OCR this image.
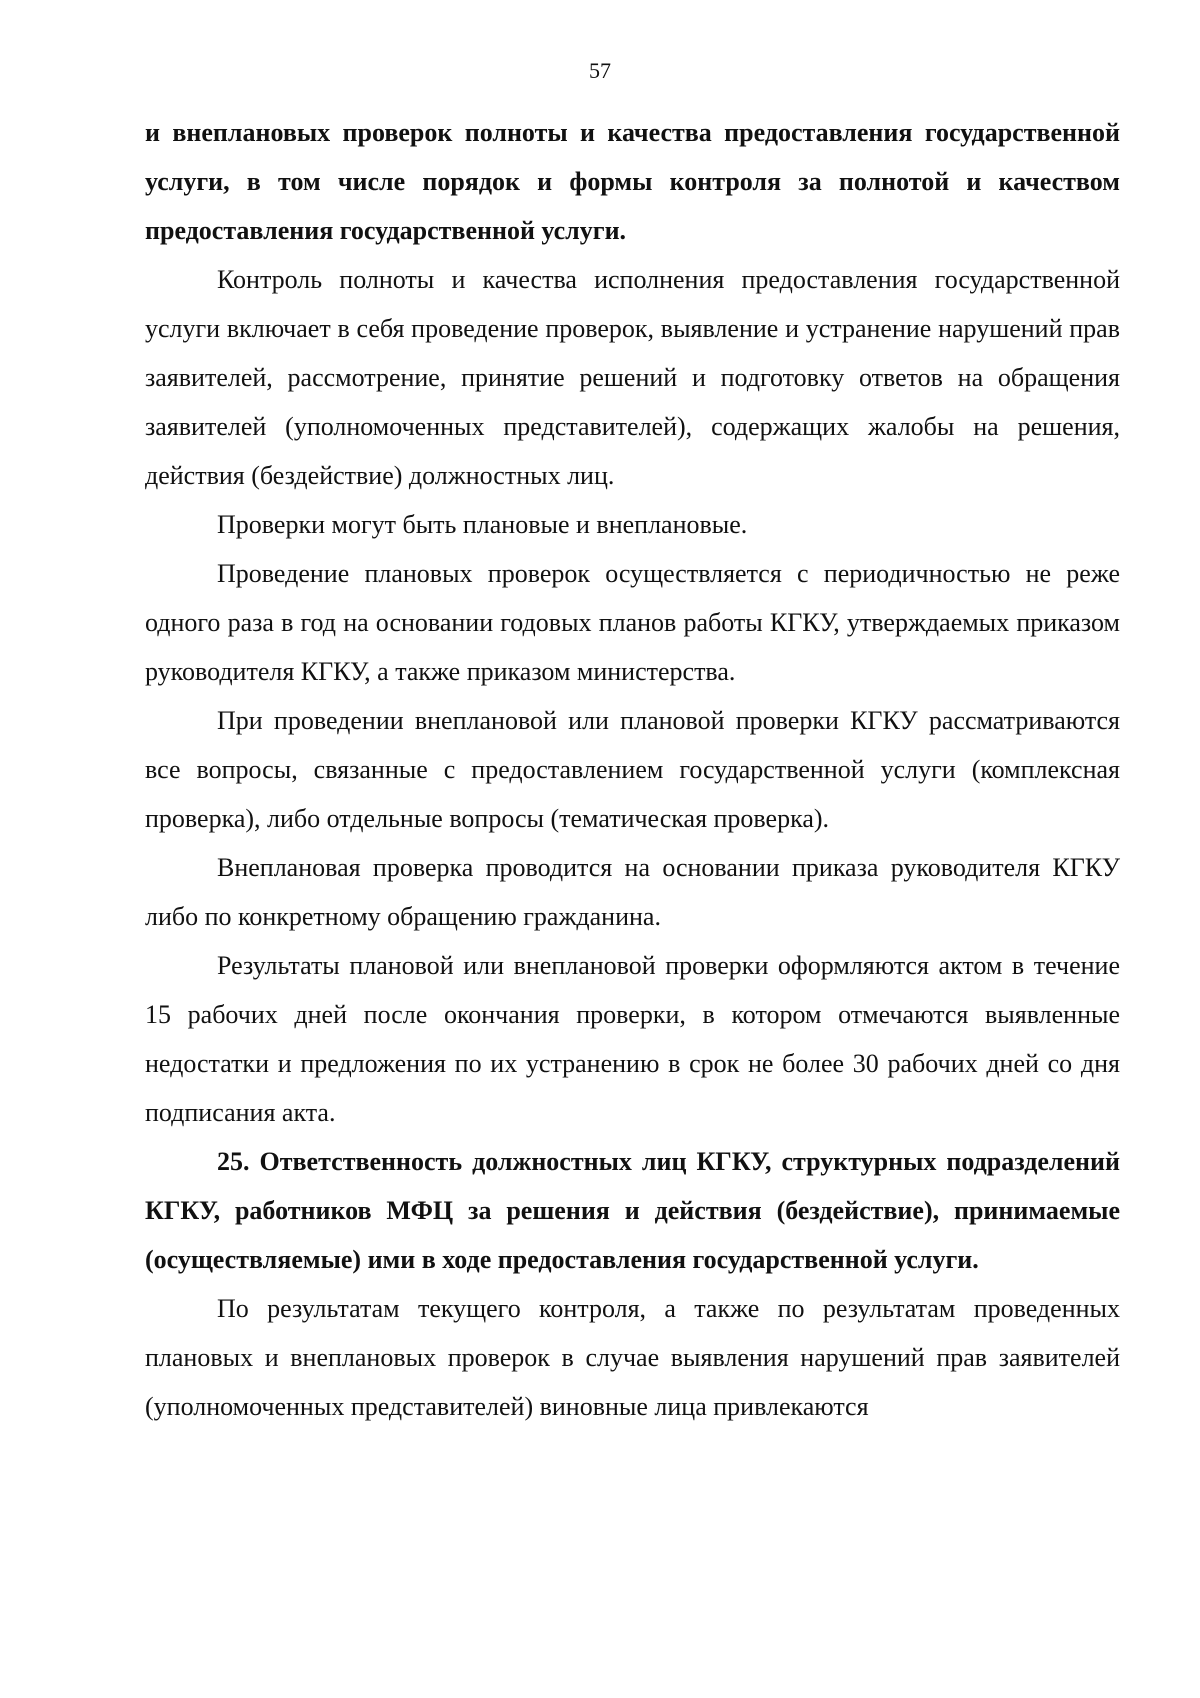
57

и внеплановых проверок полноты и качества предоставления государственной услуги, в том числе порядок и формы контроля за полнотой и качеством предоставления государственной услуги.

Контроль полноты и качества исполнения предоставления государственной услуги включает в себя проведение проверок, выявление и устранение нарушений прав заявителей, рассмотрение, принятие решений и подготовку ответов на обращения заявителей (уполномоченных представителей), содержащих жалобы на решения, действия (бездействие) должностных лиц.

Проверки могут быть плановые и внеплановые.

Проведение плановых проверок осуществляется с периодичностью не реже одного раза в год на основании годовых планов работы КГКУ, утверждаемых приказом руководителя КГКУ, а также приказом министерства.

При проведении внеплановой или плановой проверки КГКУ рассматриваются все вопросы, связанные с предоставлением государственной услуги (комплексная проверка), либо отдельные вопросы (тематическая проверка).

Внеплановая проверка проводится на основании приказа руководителя КГКУ либо по конкретному обращению гражданина.

Результаты плановой или внеплановой проверки оформляются актом в течение 15 рабочих дней после окончания проверки, в котором отмечаются выявленные недостатки и предложения по их устранению в срок не более 30 рабочих дней со дня подписания акта.

25. Ответственность должностных лиц КГКУ, структурных подразделений КГКУ, работников МФЦ за решения и действия (бездействие), принимаемые (осуществляемые) ими в ходе предоставления государственной услуги.

По результатам текущего контроля, а также по результатам проведенных плановых и внеплановых проверок в случае выявления нарушений прав заявителей (уполномоченных представителей) виновные лица привлекаются
